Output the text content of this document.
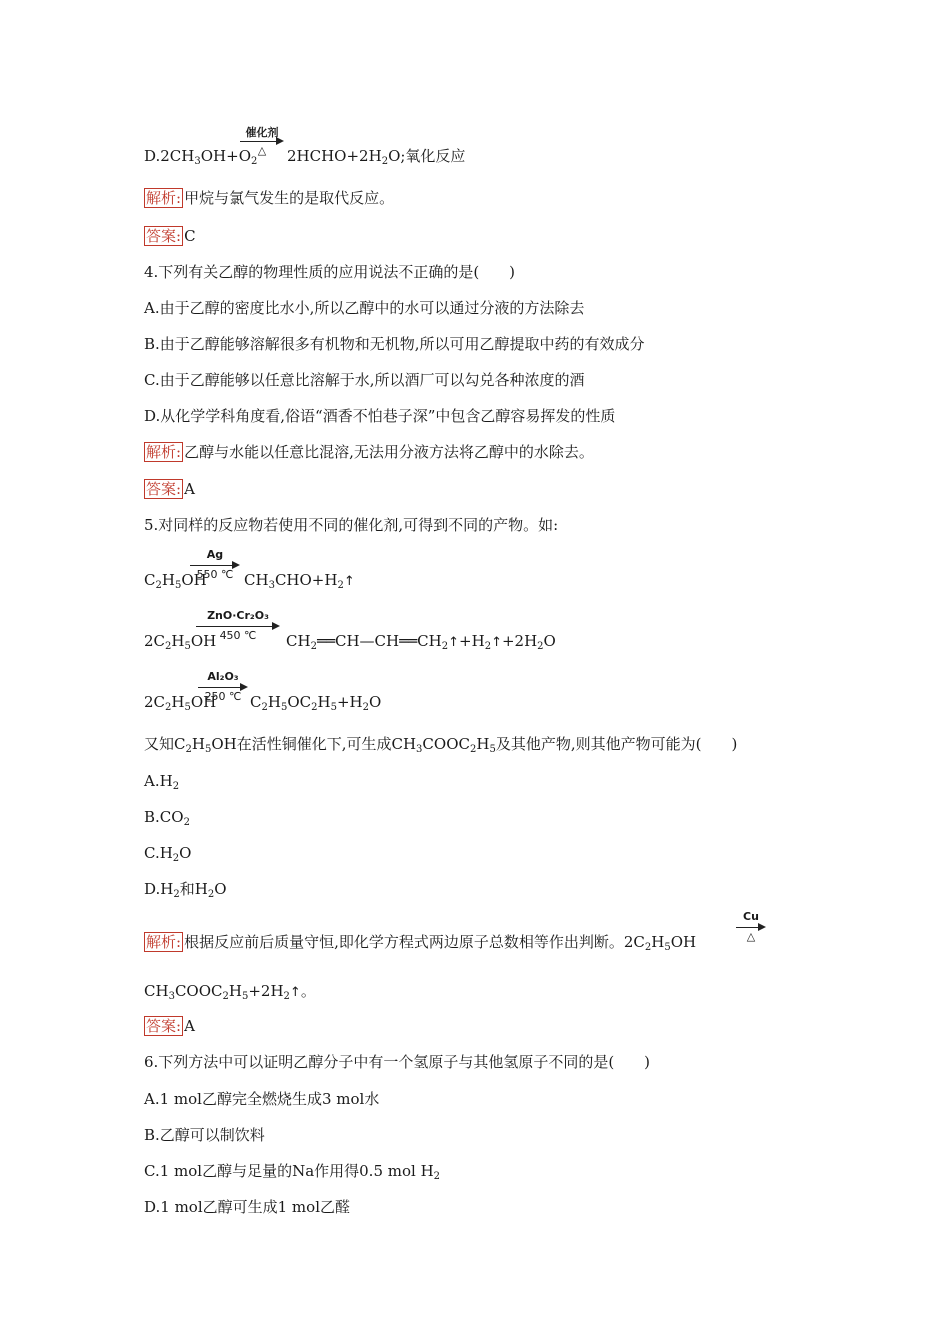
$D.2CH_3OH+O_2$
催化剂
△	$2HCHO+2H_2O$;氧化反应
解析: 甲烷与氯气发生的是取代反应。
答案: C
4.下列有关乙醇的物理性质的应用说法不正确的是(　　)
A.由于乙醇的密度比水小,所以乙醇中的水可以通过分液的方法除去
B.由于乙醇能够溶解很多有机物和无机物,所以可用乙醇提取中药的有效成分
C.由于乙醇能够以任意比溶解于水,所以酒厂可以勾兑各种浓度的酒
D.从化学学科角度看,俗语“酒香不怕巷子深”中包含乙醇容易挥发的性质
解析: 乙醇与水能以任意比混溶,无法用分液方法将乙醇中的水除去。
答案: A
5.对同样的反应物若使用不同的催化剂,可得到不同的产物。如:
$C_2H_5OH$
Ag
550 ℃ $CH_3CHO+H_2↑$
$2C_2H_5OH$
ZnO·Cr₂O₃
450 ℃	$CH_2══CH—CH══CH_2↑+H_2↑+2H_2O$
$2C_2H_5OH$
Al₂O₃
250 ℃ $C_2H_5OC_2H_5+H_2O$
又知$C_2H_5OH$在活性铜催化下,可生成$CH_3COOC_2H_5$及其他产物,则其他产物可能为(　　)
$A.H_2$
$B.CO_2$
$C.H_2O$
$D.H_2$和$H_2O$
解析: 根据反应前后质量守恒,即化学方程式两边原子总数相等作出判断。$2C_2H_5OH$
Cu
△
$CH_3COOC_2H_5+2H_2↑$。
答案: A
6.下列方法中可以证明乙醇分子中有一个氢原子与其他氢原子不同的是(　　)
A.1 mol乙醇完全燃烧生成3 mol水
B.乙醇可以制饮料
C.1 mol乙醇与足量的Na作用得0.5 mol $H_2$
D.1 mol乙醇可生成1 mol乙醛
